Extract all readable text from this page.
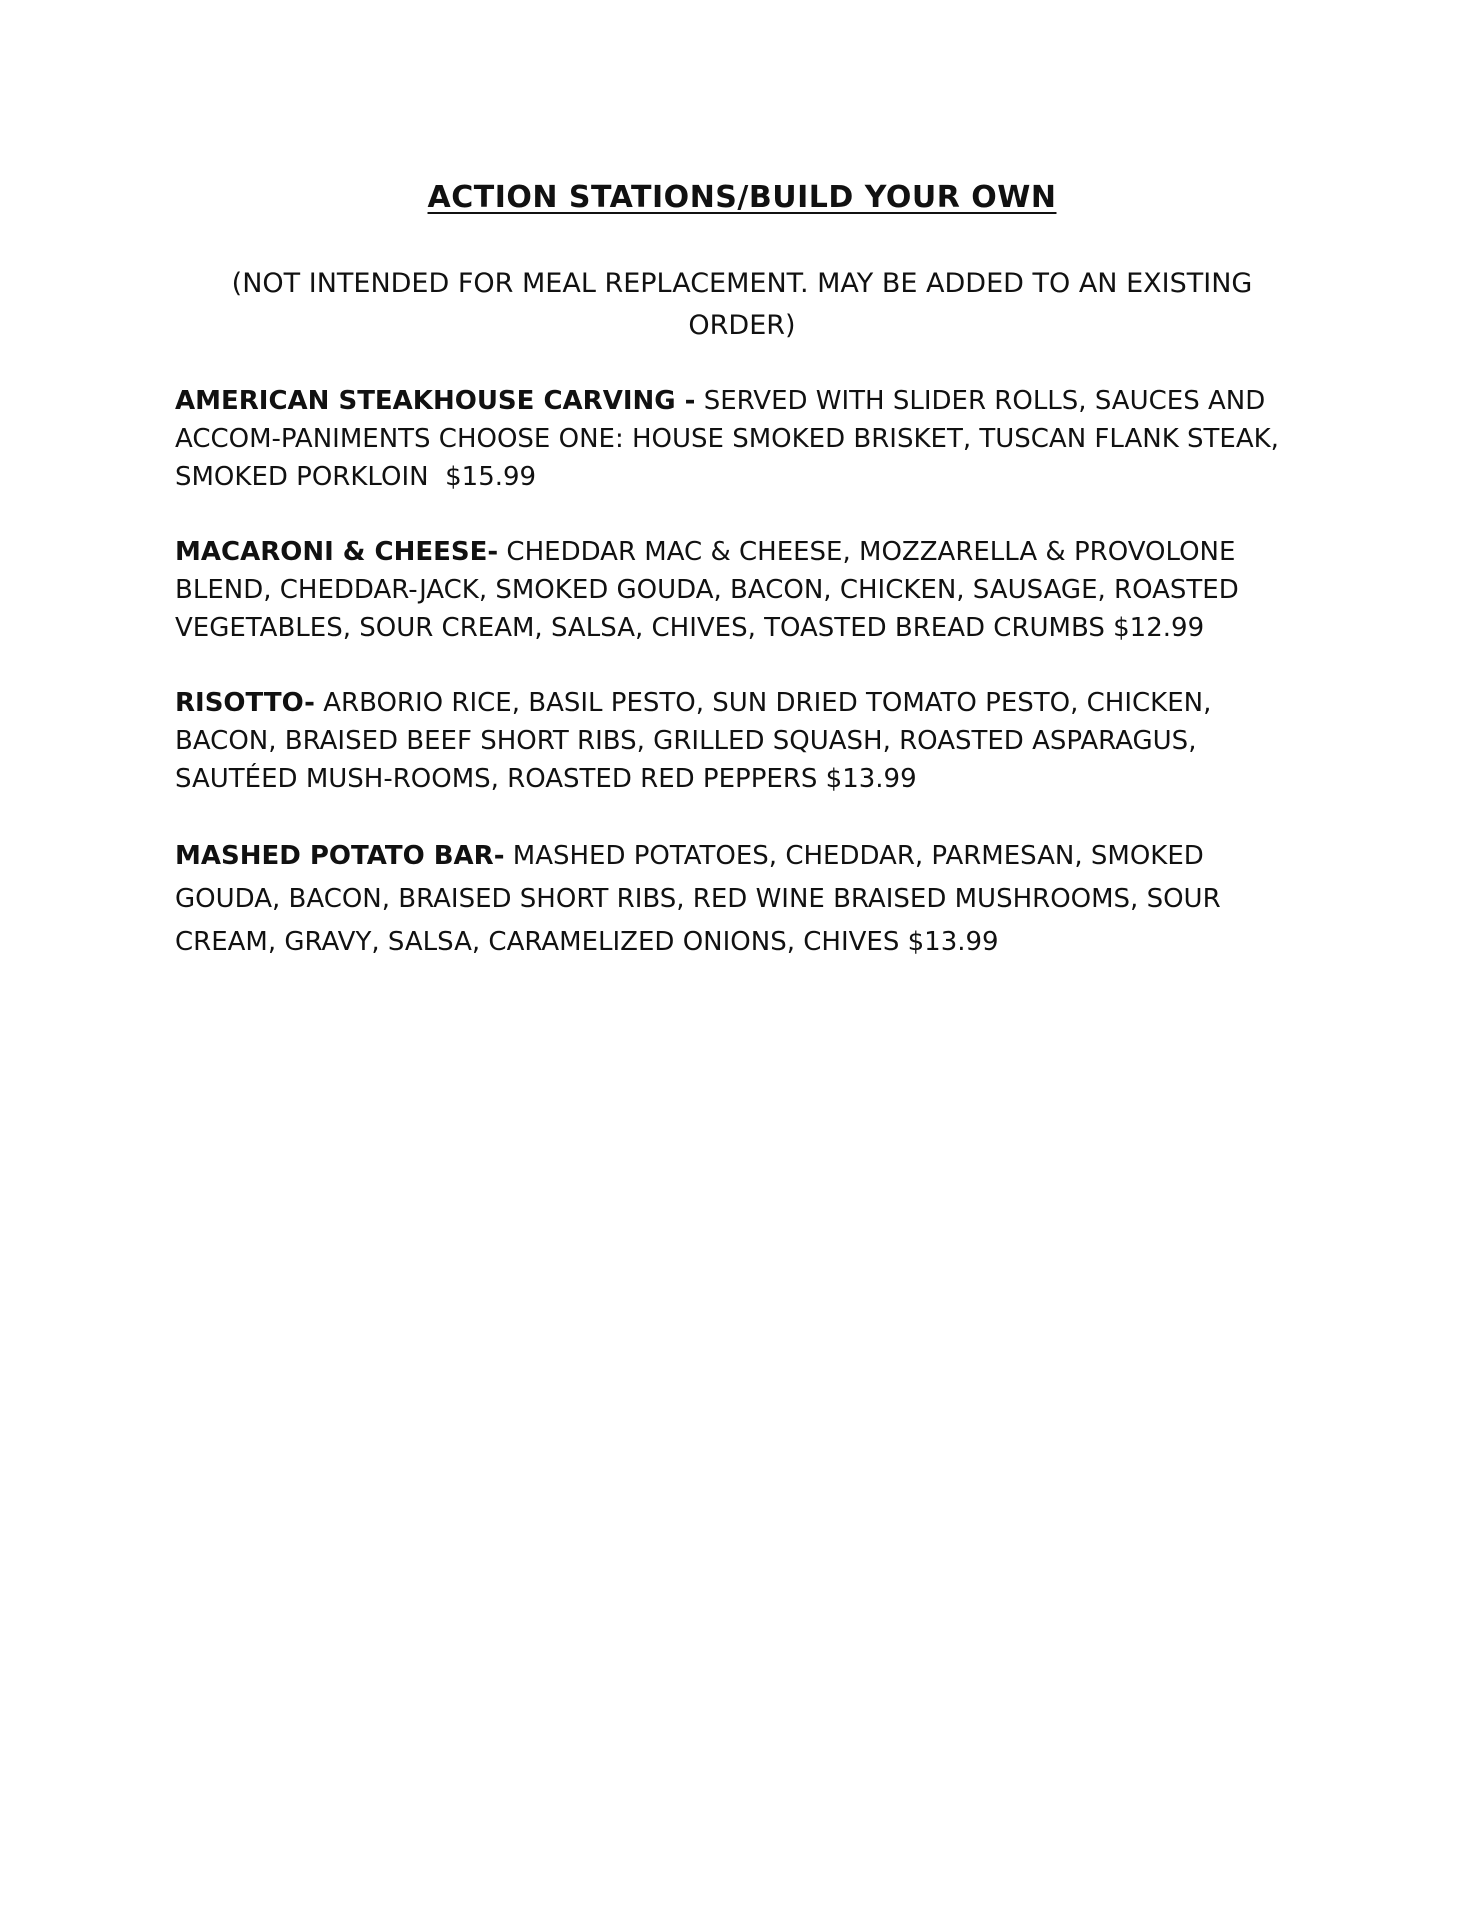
ACTION STATIONS/BUILD YOUR OWN
(NOT INTENDED FOR MEAL REPLACEMENT. MAY BE ADDED TO AN EXISTING ORDER)

AMERICAN STEAKHOUSE CARVING - SERVED WITH SLIDER ROLLS, SAUCES AND ACCOM-PANIMENTS CHOOSE ONE: HOUSE SMOKED BRISKET, TUSCAN FLANK STEAK, SMOKED PORKLOIN  $15.99

MACARONI & CHEESE- CHEDDAR MAC & CHEESE, MOZZARELLA & PROVOLONE BLEND, CHEDDAR-JACK, SMOKED GOUDA, BACON, CHICKEN, SAUSAGE, ROASTED VEGETABLES, SOUR CREAM, SALSA, CHIVES, TOASTED BREAD CRUMBS $12.99

RISOTTO- ARBORIO RICE, BASIL PESTO, SUN DRIED TOMATO PESTO, CHICKEN, BACON, BRAISED BEEF SHORT RIBS, GRILLED SQUASH, ROASTED ASPARAGUS, SAUTÉED MUSH-ROOMS, ROASTED RED PEPPERS $13.99

MASHED POTATO BAR- MASHED POTATOES, CHEDDAR, PARMESAN, SMOKED GOUDA, BACON, BRAISED SHORT RIBS, RED WINE BRAISED MUSHROOMS, SOUR CREAM, GRAVY, SALSA, CARAMELIZED ONIONS, CHIVES $13.99
